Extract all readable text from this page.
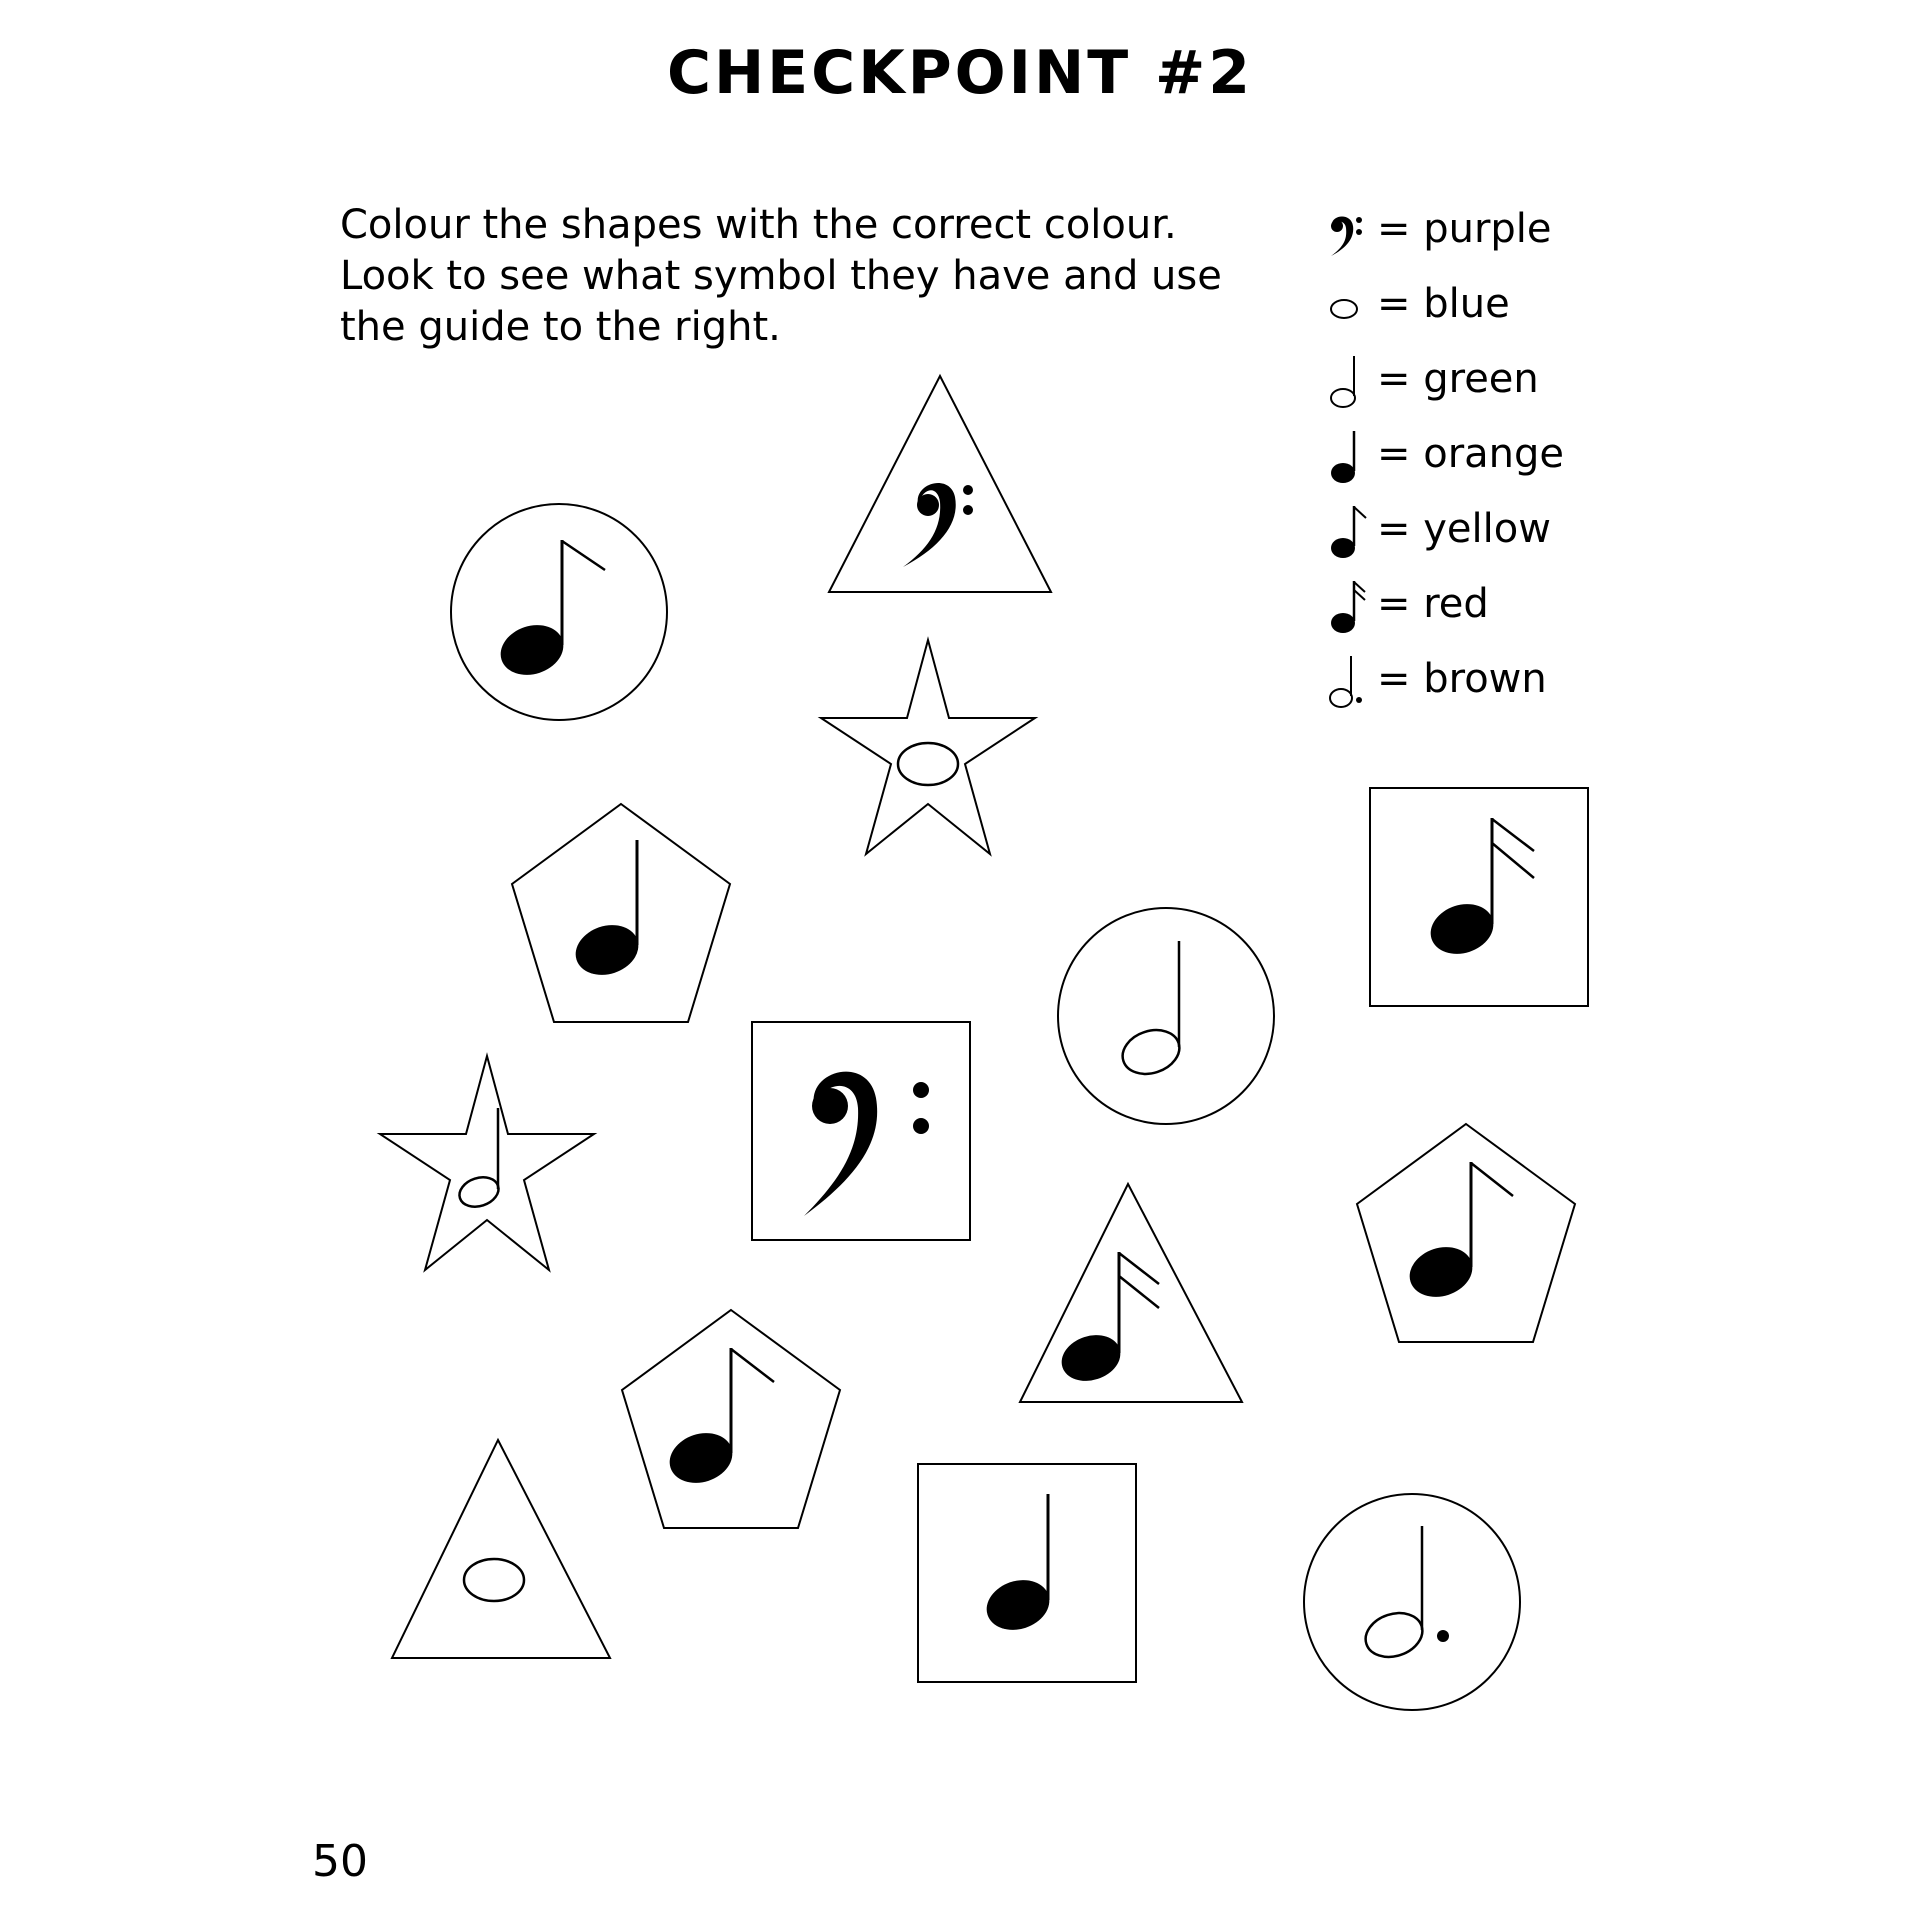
CHECKPOINT #2
Colour the shapes with the correct colour.
Look to see what symbol they have and use
the guide to the right.
= purple
= blue
= green
= orange
= yellow
= red
= brown
50
